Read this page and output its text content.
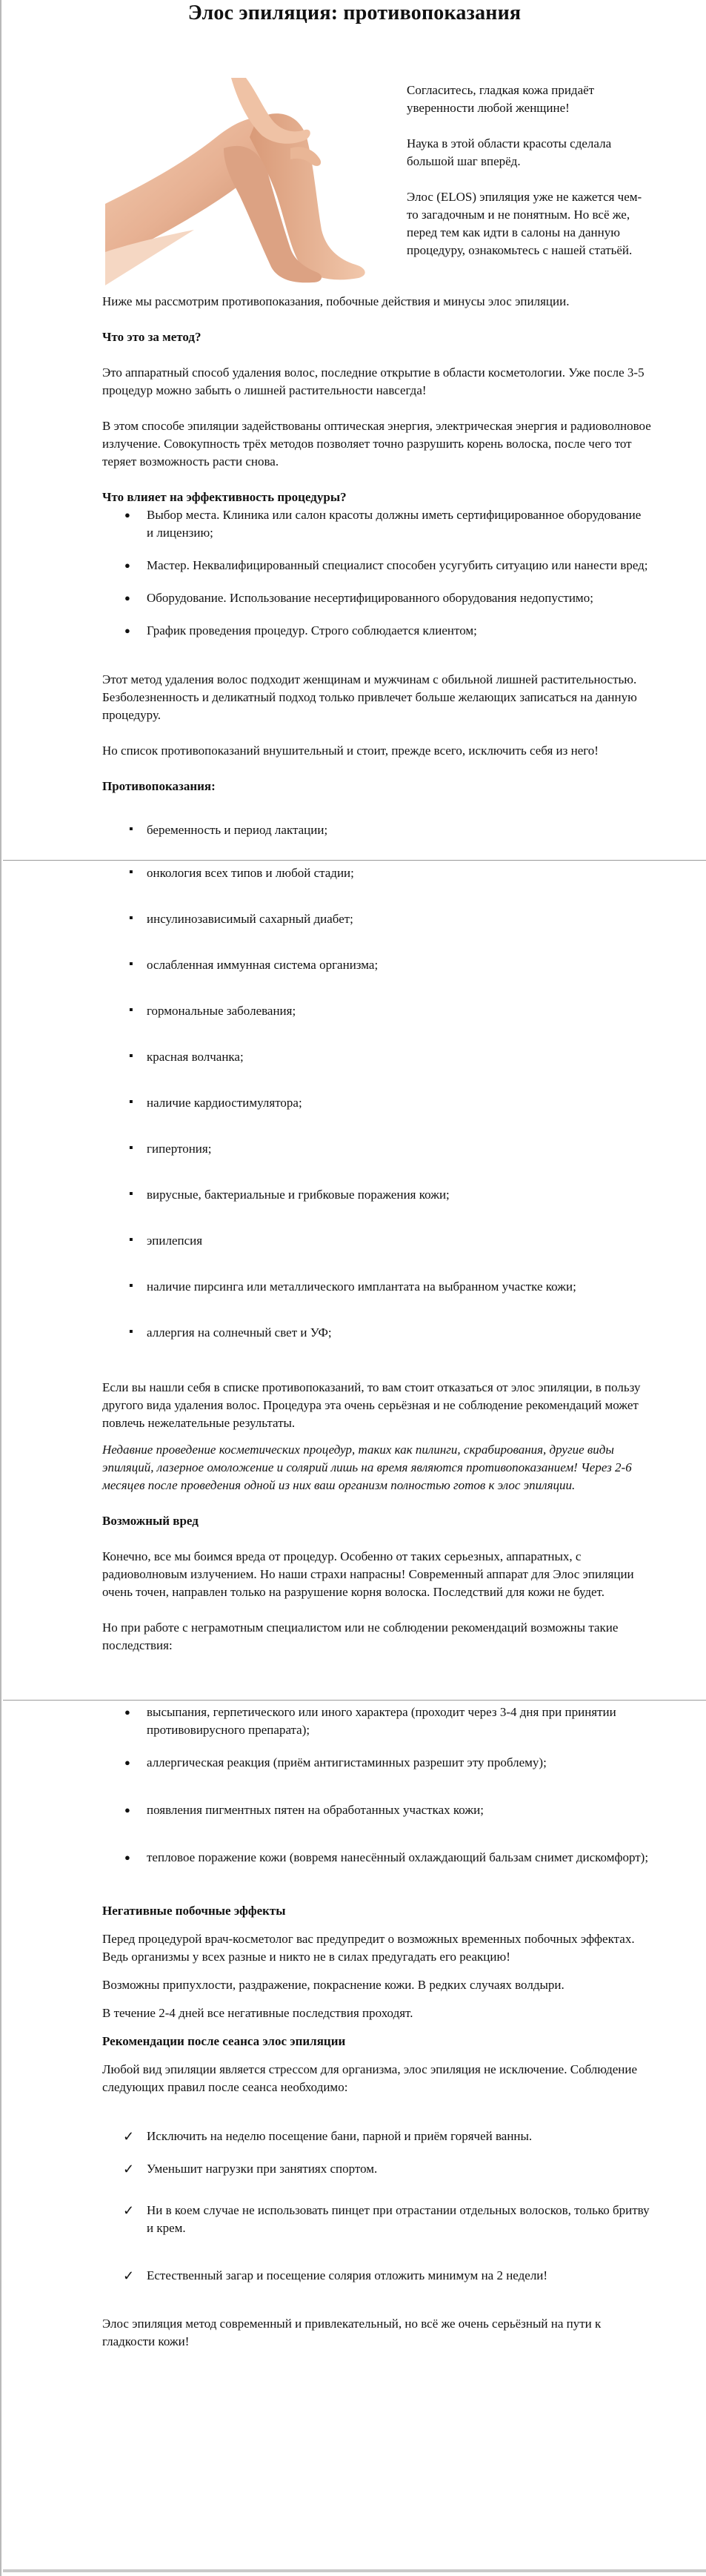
Элос эпиляция: противопоказания

Согласитесь, гладкая кожа придаёт уверенности любой женщине!

Наука в этой области красоты сделала большой шаг вперёд.

Элос (ELOS) эпиляция уже не кажется чем-то загадочным и не понятным. Но всё же, перед тем как идти в салоны на данную процедуру, ознакомьтесь с нашей статьёй.

Ниже мы рассмотрим противопоказания, побочные действия и минусы элос эпиляции.

Что это за метод?

Это аппаратный способ удаления волос, последние открытие в области косметологии. Уже после 3-5 процедур можно забыть о лишней растительности навсегда!

В этом способе эпиляции задействованы оптическая энергия, электрическая энергия и радиоволновое излучение. Совокупность трёх методов позволяет точно разрушить корень волоска, после чего тот теряет возможность расти снова.

Что влияет на эффективность процедуры?

● Выбор места. Клиника или салон красоты должны иметь сертифицированное оборудование и лицензию;
● Мастер. Неквалифицированный специалист способен усугубить ситуацию или нанести вред;
● Оборудование. Использование несертифицированного оборудования недопустимо;
● График проведения процедур. Строго соблюдается клиентом;

Этот метод удаления волос подходит женщинам и мужчинам с обильной лишней растительностью. Безболезненность и деликатный подход только привлечет больше желающих записаться на данную процедуру.

Но список противопоказаний внушительный и стоит, прежде всего, исключить себя из него!

Противопоказания:

▪ беременность и период лактации;
▪ онкология всех типов и любой стадии;
▪ инсулинозависимый сахарный диабет;
▪ ослабленная иммунная система организма;
▪ гормональные заболевания;
▪ красная волчанка;
▪ наличие кардиостимулятора;
▪ гипертония;
▪ вирусные, бактериальные и грибковые поражения кожи;
▪ эпилепсия
▪ наличие пирсинга или металлического имплантата на выбранном участке кожи;
▪ аллергия на солнечный свет и УФ;

Если вы нашли себя в списке противопоказаний, то вам стоит отказаться от элос эпиляции, в пользу другого вида удаления волос. Процедура эта очень серьёзная и не соблюдение рекомендаций может повлечь нежелательные результаты.

Недавние проведение косметических процедур, таких как пилинги, скрабирования, другие виды эпиляций, лазерное омоложение и солярий лишь на время являются противопоказанием! Через 2-6 месяцев после проведения одной из них ваш организм полностью готов к элос эпиляции.

Возможный вред

Конечно, все мы боимся вреда от процедур. Особенно от таких серьезных, аппаратных, с радиоволновым излучением. Но наши страхи напрасны! Современный аппарат для Элос эпиляции очень точен, направлен только на разрушение корня волоска. Последствий для кожи не будет.

Но при работе с неграмотным специалистом или не соблюдении рекомендаций возможны такие последствия:

● высыпания, герпетического или иного характера (проходит через 3-4 дня при принятии противовирусного препарата);
● аллергическая реакция (приём антигистаминных разрешит эту проблему);
● появления пигментных пятен на обработанных участках кожи;
● тепловое поражение кожи (вовремя нанесённый охлаждающий бальзам снимет дискомфорт);

Негативные побочные эффекты

Перед процедурой врач-косметолог вас предупредит о возможных временных побочных эффектах. Ведь организмы у всех разные и никто не в силах предугадать его реакцию!

Возможны припухлости, раздражение, покраснение кожи. В редких случаях волдыри.

В течение 2-4 дней все негативные последствия проходят.

Рекомендации после сеанса элос эпиляции

Любой вид эпиляции является стрессом для организма, элос эпиляция не исключение. Соблюдение следующих правил после сеанса необходимо:

✓ Исключить на неделю посещение бани, парной и приём горячей ванны.
✓ Уменьшит нагрузки при занятиях спортом.
✓ Ни в коем случае не использовать пинцет при отрастании отдельных волосков, только бритву и крем.
✓ Естественный загар и посещение солярия отложить минимум на 2 недели!

Элос эпиляция метод современный и привлекательный, но всё же очень серьёзный на пути к гладкости кожи!
